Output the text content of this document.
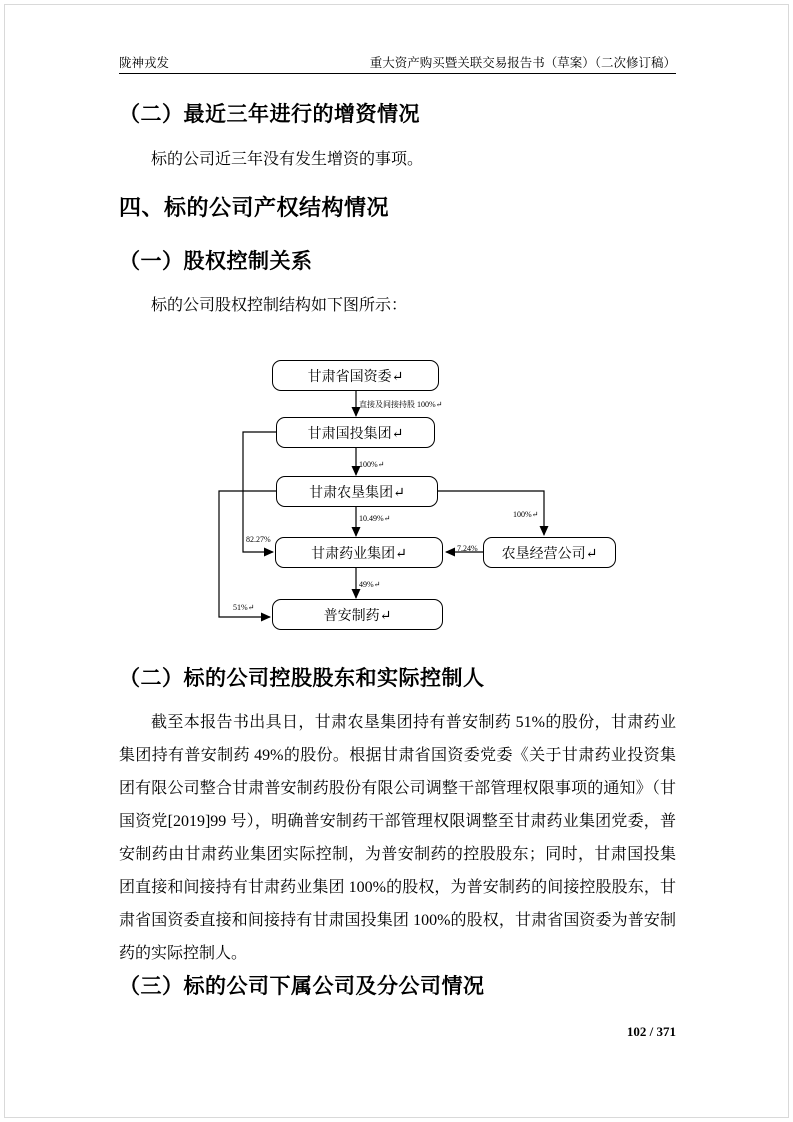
陇神戎发	重大资产购买暨关联交易报告书（草案）（二次修订稿）
（二）最近三年进行的增资情况
标的公司近三年没有发生增资的事项。
四、标的公司产权结构情况
（一）股权控制关系
标的公司股权控制结构如下图所示：
甘肃省国资委↵
甘肃国投集团↵
甘肃农垦集团↵
甘肃药业集团↵	农垦经营公司↵
普安制药↵
直接及间接持股 100%↵
100%↵
10.49%↵
82.27%
100%↵
7.24%
49%↵
51%↵
（二）标的公司控股股东和实际控制人
截至本报告书出具日，甘肃农垦集团持有普安制药 51%的股份，甘肃药业
集团持有普安制药 49%的股份。根据甘肃省国资委党委《关于甘肃药业投资集
团有限公司整合甘肃普安制药股份有限公司调整干部管理权限事项的通知》（甘
国资党[2019]99 号），明确普安制药干部管理权限调整至甘肃药业集团党委，普
安制药由甘肃药业集团实际控制，为普安制药的控股股东；同时，甘肃国投集
团直接和间接持有甘肃药业集团 100%的股权，为普安制药的间接控股股东，甘
肃省国资委直接和间接持有甘肃国投集团 100%的股权，甘肃省国资委为普安制
药的实际控制人。
（三）标的公司下属公司及分公司情况
102 / 371
